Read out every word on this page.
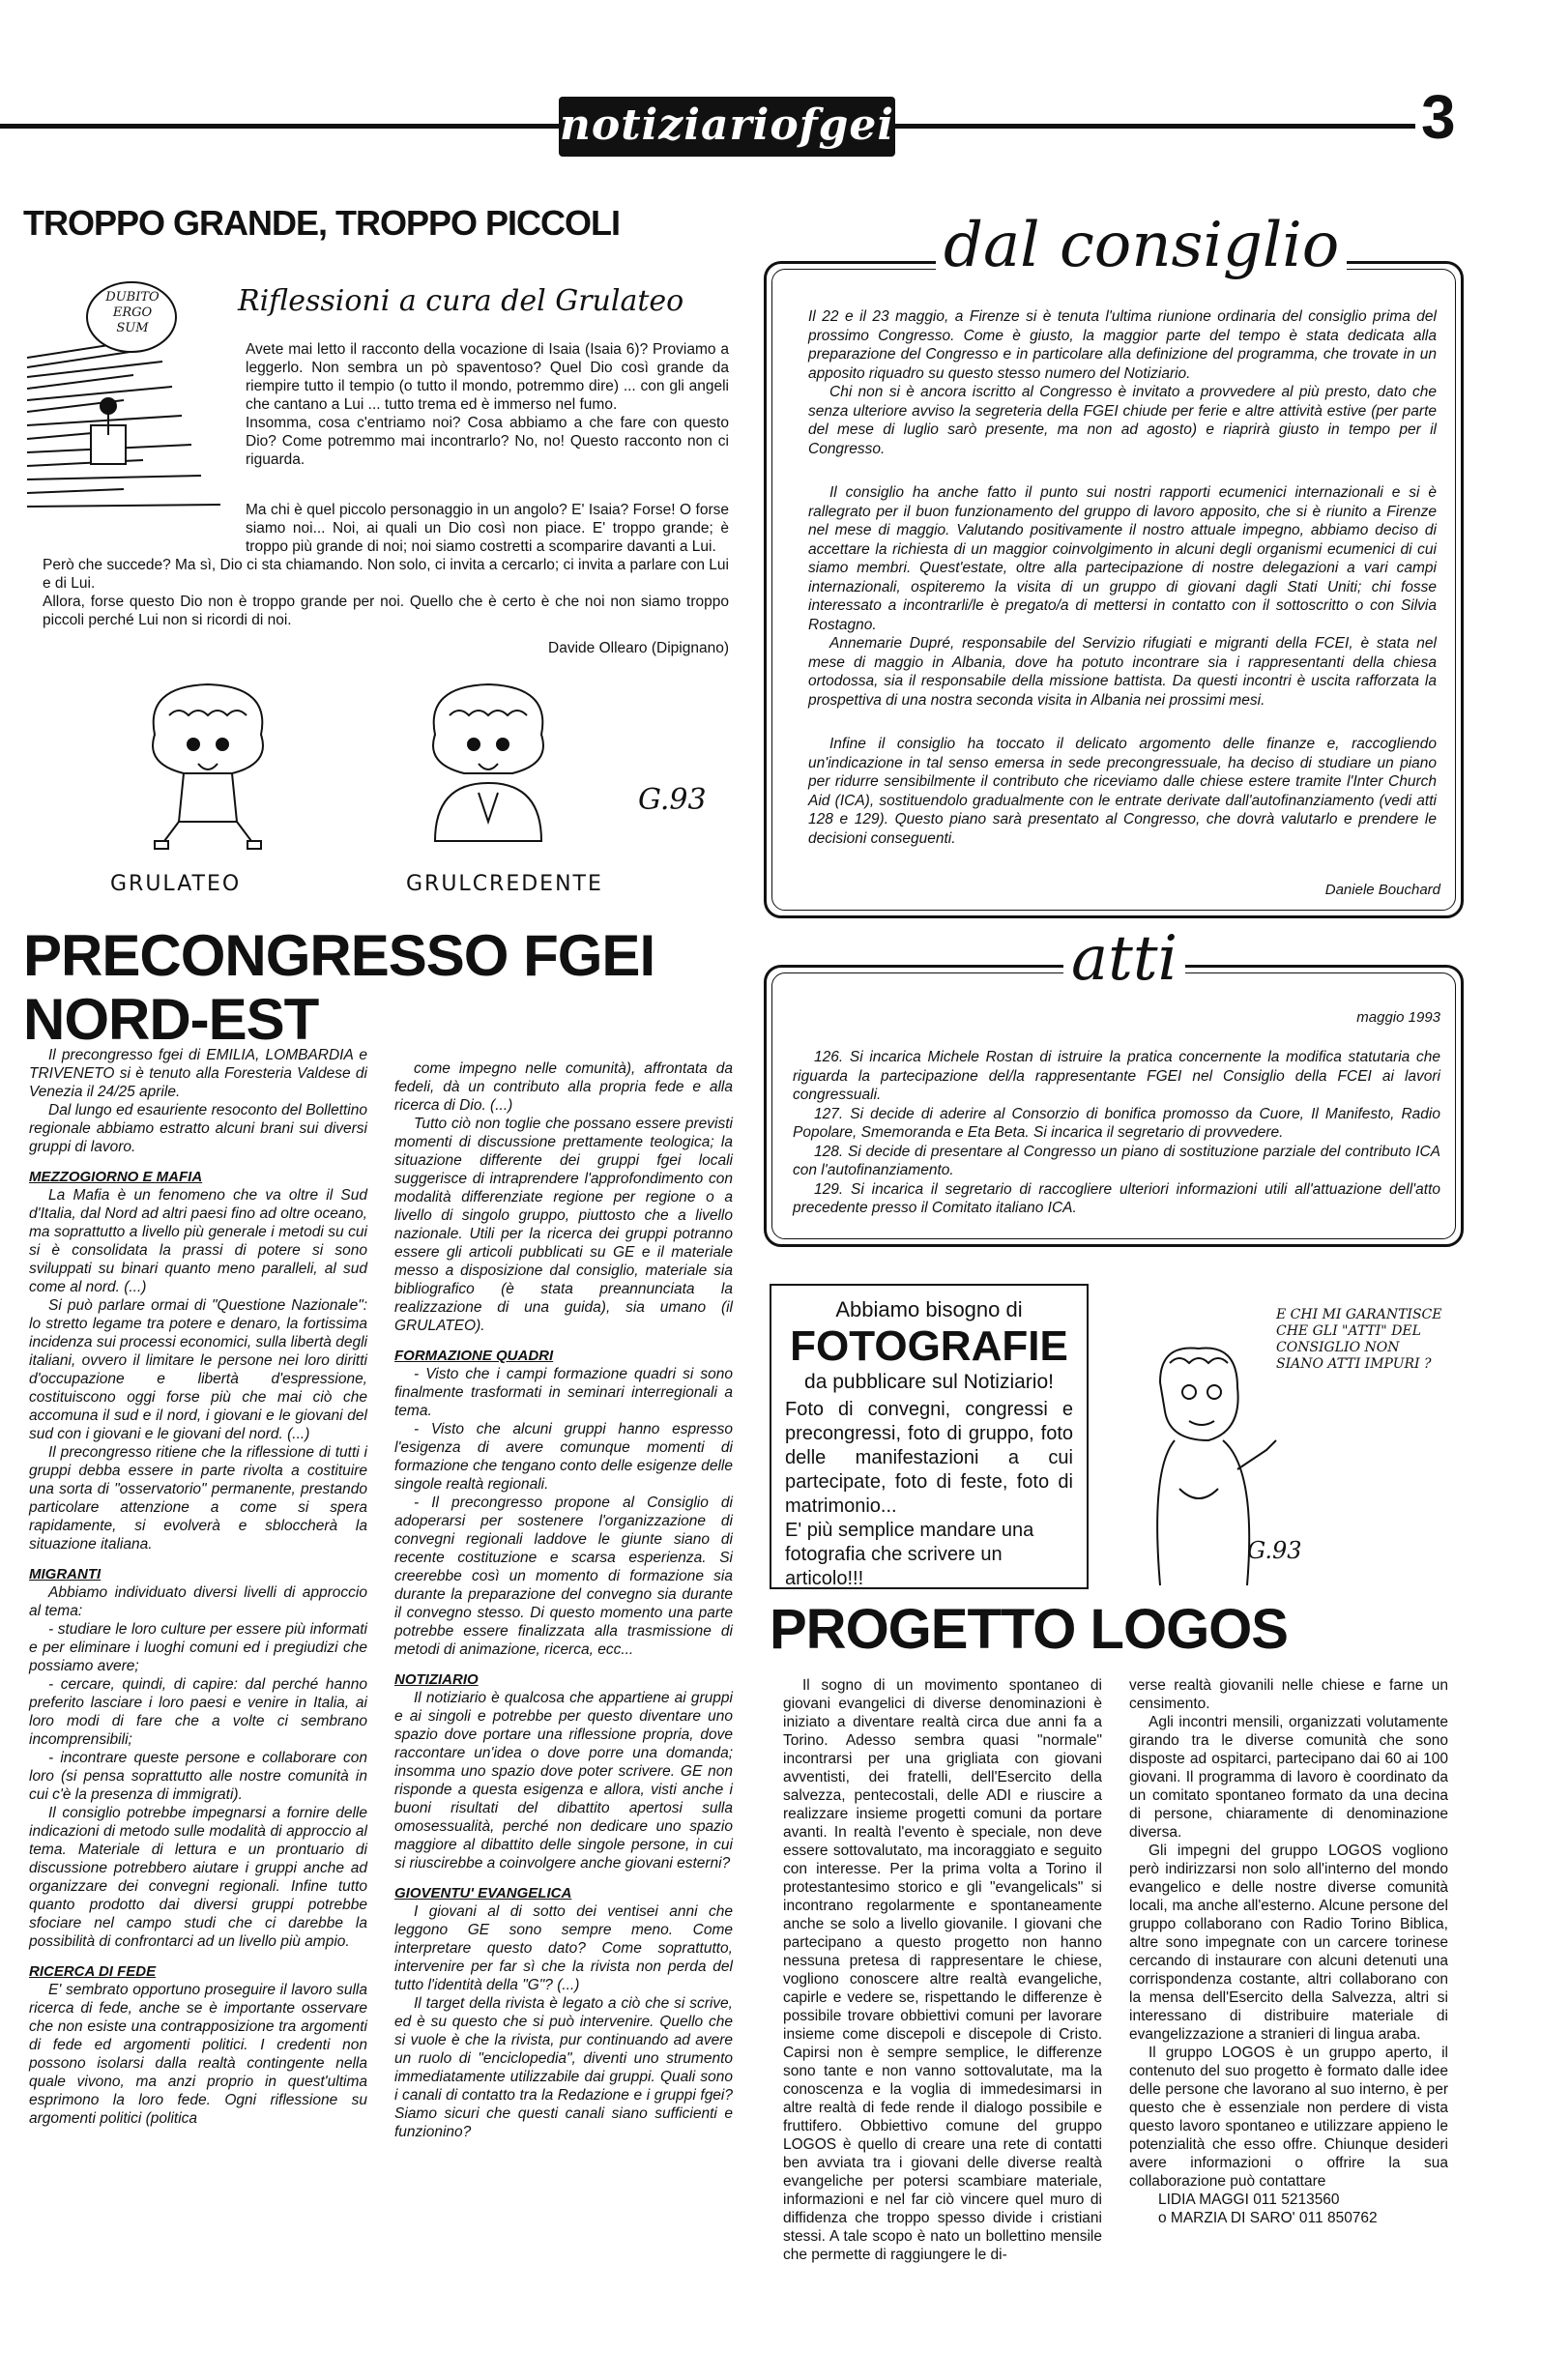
notiziariofgei	3
TROPPO GRANDE, TROPPO PICCOLI
DUBITO ERGO SUM
Riflessioni a cura del Grulateo

Avete mai letto il racconto della vocazione di Isaia (Isaia 6)? Proviamo a leggerlo. Non sembra un pò spaventoso? Quel Dio così grande da riempire tutto il tempio (o tutto il mondo, potremmo dire) ... con gli angeli che cantano a Lui ... tutto trema ed è immerso nel fumo.

Insomma, cosa c'entriamo noi? Cosa abbiamo a che fare con questo Dio? Come potremmo mai incontrarlo? No, no! Questo racconto non ci riguarda.

Ma chi è quel piccolo personaggio in un angolo? E' Isaia? Forse! O forse siamo noi... Noi, ai quali un Dio così non piace. E' troppo grande; è troppo più grande di noi; noi siamo costretti a scomparire davanti a Lui.

Però che succede? Ma sì, Dio ci sta chiamando. Non solo, ci invita a cercarlo; ci invita a parlare con Lui e di Lui.

Allora, forse questo Dio non è troppo grande per noi. Quello che è certo è che noi non siamo troppo piccoli perché Lui non si ricordi di noi.

Davide Ollearo (Dipignano)

G.93
GRULATEO	GRULCREDENTE
dal consiglio

Il 22 e il 23 maggio, a Firenze si è tenuta l'ultima riunione ordinaria del consiglio prima del prossimo Congresso. Come è giusto, la maggior parte del tempo è stata dedicata alla preparazione del Congresso e in particolare alla definizione del programma, che trovate in un apposito riquadro su questo stesso numero del Notiziario.

Chi non si è ancora iscritto al Congresso è invitato a provvedere al più presto, dato che senza ulteriore avviso la segreteria della FGEI chiude per ferie e altre attività estive (per parte del mese di luglio sarò presente, ma non ad agosto) e riaprirà giusto in tempo per il Congresso.

Il consiglio ha anche fatto il punto sui nostri rapporti ecumenici internazionali e si è rallegrato per il buon funzionamento del gruppo di lavoro apposito, che si è riunito a Firenze nel mese di maggio. Valutando positivamente il nostro attuale impegno, abbiamo deciso di accettare la richiesta di un maggior coinvolgimento in alcuni degli organismi ecumenici di cui siamo membri. Quest'estate, oltre alla partecipazione di nostre delegazioni a vari campi internazionali, ospiteremo la visita di un gruppo di giovani dagli Stati Uniti; chi fosse interessato a incontrarli/le è pregato/a di mettersi in contatto con il sottoscritto o con Silvia Rostagno.

Annemarie Dupré, responsabile del Servizio rifugiati e migranti della FCEI, è stata nel mese di maggio in Albania, dove ha potuto incontrare sia i rappresentanti della chiesa ortodossa, sia il responsabile della missione battista. Da questi incontri è uscita rafforzata la prospettiva di una nostra seconda visita in Albania nei prossimi mesi.

Infine il consiglio ha toccato il delicato argomento delle finanze e, raccogliendo un'indicazione in tal senso emersa in sede precongressuale, ha deciso di studiare un piano per ridurre sensibilmente il contributo che riceviamo dalle chiese estere tramite l'Inter Church Aid (ICA), sostituendolo gradualmente con le entrate derivate dall'autofinanziamento (vedi atti 128 e 129). Questo piano sarà presentato al Congresso, che dovrà valutarlo e prendere le decisioni conseguenti.

Daniele Bouchard
atti
maggio 1993

126. Si incarica Michele Rostan di istruire la pratica concernente la modifica statutaria che riguarda la partecipazione del/la rappresentante FGEI nel Consiglio della FCEI ai lavori congressuali.

127. Si decide di aderire al Consorzio di bonifica promosso da Cuore, Il Manifesto, Radio Popolare, Smemoranda e Eta Beta. Si incarica il segretario di provvedere.

128. Si decide di presentare al Congresso un piano di sostituzione parziale del contributo ICA con l'autofinanziamento.

129. Si incarica il segretario di raccogliere ulteriori informazioni utili all'attuazione dell'atto precedente presso il Comitato italiano ICA.

Abbiamo bisogno di
FOTOGRAFIE
da pubblicare sul Notiziario!
Foto di convegni, congressi e precongressi, foto di gruppo, foto delle manifestazioni a cui partecipate, foto di feste, foto di matrimonio...
E' più semplice mandare una fotografia che scrivere un articolo!!!
E CHI MI GARANTISCE CHE GLI "ATTI" DEL CONSIGLIO NON SIANO ATTI IMPURI ?
G.93
PRECONGRESSO FGEI
NORD-EST

Il precongresso fgei di EMILIA, LOMBARDIA e TRIVENETO si è tenuto alla Foresteria Valdese di Venezia il 24/25 aprile.

Dal lungo ed esauriente resoconto del Bollettino regionale abbiamo estratto alcuni brani sui diversi gruppi di lavoro.

MEZZOGIORNO E MAFIA

La Mafia è un fenomeno che va oltre il Sud d'Italia, dal Nord ad altri paesi fino ad oltre oceano, ma soprattutto a livello più generale i metodi su cui si è consolidata la prassi di potere si sono sviluppati su binari quanto meno paralleli, al sud come al nord. (...)

Si può parlare ormai di "Questione Nazionale": lo stretto legame tra potere e denaro, la fortissima incidenza sui processi economici, sulla libertà degli italiani, ovvero il limitare le persone nei loro diritti d'occupazione e libertà d'espressione, costituiscono oggi forse più che mai ciò che accomuna il sud e il nord, i giovani e le giovani del sud con i giovani e le giovani del nord. (...)

Il precongresso ritiene che la riflessione di tutti i gruppi debba essere in parte rivolta a costituire una sorta di "osservatorio" permanente, prestando particolare attenzione a come si spera rapidamente, si evolverà e sbloccherà la situazione italiana.

MIGRANTI

Abbiamo individuato diversi livelli di approccio al tema:

- studiare le loro culture per essere più informati e per eliminare i luoghi comuni ed i pregiudizi che possiamo avere;

- cercare, quindi, di capire: dal perché hanno preferito lasciare i loro paesi e venire in Italia, ai loro modi di fare che a volte ci sembrano incomprensibili;

- incontrare queste persone e collaborare con loro (si pensa soprattutto alle nostre comunità in cui c'è la presenza di immigrati).

Il consiglio potrebbe impegnarsi a fornire delle indicazioni di metodo sulle modalità di approccio al tema. Materiale di lettura e un prontuario di discussione potrebbero aiutare i gruppi anche ad organizzare dei convegni regionali. Infine tutto quanto prodotto dai diversi gruppi potrebbe sfociare nel campo studi che ci darebbe la possibilità di confrontarci ad un livello più ampio.

RICERCA DI FEDE

E' sembrato opportuno proseguire il lavoro sulla ricerca di fede, anche se è importante osservare che non esiste una contrapposizione tra argomenti di fede ed argomenti politici. I credenti non possono isolarsi dalla realtà contingente nella quale vivono, ma anzi proprio in quest'ultima esprimono la loro fede. Ogni riflessione su argomenti politici (politica

come impegno nelle comunità), affrontata da fedeli, dà un contributo alla propria fede e alla ricerca di Dio. (...)

Tutto ciò non toglie che possano essere previsti momenti di discussione prettamente teologica; la situazione differente dei gruppi fgei locali suggerisce di intraprendere l'approfondimento con modalità differenziate regione per regione o a livello di singolo gruppo, piuttosto che a livello nazionale. Utili per la ricerca dei gruppi potranno essere gli articoli pubblicati su GE e il materiale messo a disposizione dal consiglio, materiale sia bibliografico (è stata preannunciata la realizzazione di una guida), sia umano (il GRULATEO).

FORMAZIONE QUADRI

- Visto che i campi formazione quadri si sono finalmente trasformati in seminari interregionali a tema.

- Visto che alcuni gruppi hanno espresso l'esigenza di avere comunque momenti di formazione che tengano conto delle esigenze delle singole realtà regionali.

- Il precongresso propone al Consiglio di adoperarsi per sostenere l'organizzazione di convegni regionali laddove le giunte siano di recente costituzione e scarsa esperienza. Si creerebbe così un momento di formazione sia durante la preparazione del convegno sia durante il convegno stesso. Di questo momento una parte potrebbe essere finalizzata alla trasmissione di metodi di animazione, ricerca, ecc...

NOTIZIARIO

Il notiziario è qualcosa che appartiene ai gruppi e ai singoli e potrebbe per questo diventare uno spazio dove portare una riflessione propria, dove raccontare un'idea o dove porre una domanda; insomma uno spazio dove poter scrivere. GE non risponde a questa esigenza e allora, visti anche i buoni risultati del dibattito apertosi sulla omosessualità, perché non dedicare uno spazio maggiore al dibattito delle singole persone, in cui si riuscirebbe a coinvolgere anche giovani esterni?

GIOVENTU' EVANGELICA

I giovani al di sotto dei ventisei anni che leggono GE sono sempre meno. Come interpretare questo dato? Come soprattutto, intervenire per far sì che la rivista non perda del tutto l'identità della "G"? (...)

Il target della rivista è legato a ciò che si scrive, ed è su questo che si può intervenire. Quello che si vuole è che la rivista, pur continuando ad avere un ruolo di "enciclopedia", diventi uno strumento immediatamente utilizzabile dai gruppi. Quali sono i canali di contatto tra la Redazione e i gruppi fgei? Siamo sicuri che questi canali siano sufficienti e funzionino?

PROGETTO LOGOS

Il sogno di un movimento spontaneo di giovani evangelici di diverse denominazioni è iniziato a diventare realtà circa due anni fa a Torino. Adesso sembra quasi "normale" incontrarsi per una grigliata con giovani avventisti, dei fratelli, dell'Esercito della salvezza, pentecostali, delle ADI e riuscire a realizzare insieme progetti comuni da portare avanti. In realtà l'evento è speciale, non deve essere sottovalutato, ma incoraggiato e seguito con interesse. Per la prima volta a Torino il protestantesimo storico e gli "evangelicals" si incontrano regolarmente e spontaneamente anche se solo a livello giovanile. I giovani che partecipano a questo progetto non hanno nessuna pretesa di rappresentare le chiese, vogliono conoscere altre realtà evangeliche, capirle e vedere se, rispettando le differenze è possibile trovare obbiettivi comuni per lavorare insieme come discepoli e discepole di Cristo. Capirsi non è sempre semplice, le differenze sono tante e non vanno sottovalutate, ma la conoscenza e la voglia di immedesimarsi in altre realtà di fede rende il dialogo possibile e fruttifero. Obbiettivo comune del gruppo LOGOS è quello di creare una rete di contatti ben avviata tra i giovani delle diverse realtà evangeliche per potersi scambiare materiale, informazioni e nel far ciò vincere quel muro di diffidenza che troppo spesso divide i cristiani stessi. A tale scopo è nato un bollettino mensile che permette di raggiungere le di-

verse realtà giovanili nelle chiese e farne un censimento.

Agli incontri mensili, organizzati volutamente girando tra le diverse comunità che sono disposte ad ospitarci, partecipano dai 60 ai 100 giovani. Il programma di lavoro è coordinato da un comitato spontaneo formato da una decina di persone, chiaramente di denominazione diversa.

Gli impegni del gruppo LOGOS vogliono però indirizzarsi non solo all'interno del mondo evangelico e delle nostre diverse comunità locali, ma anche all'esterno. Alcune persone del gruppo collaborano con Radio Torino Biblica, altre sono impegnate con un carcere torinese cercando di instaurare con alcuni detenuti una corrispondenza costante, altri collaborano con la mensa dell'Esercito della Salvezza, altri si interessano di distribuire materiale di evangelizzazione a stranieri di lingua araba.

Il gruppo LOGOS è un gruppo aperto, il contenuto del suo progetto è formato dalle idee delle persone che lavorano al suo interno, è per questo che è essenziale non perdere di vista questo lavoro spontaneo e utilizzare appieno le potenzialità che esso offre. Chiunque desideri avere informazioni o offrire la sua collaborazione può contattare

LIDIA MAGGI 011 5213560

o MARZIA DI SARO' 011 850762
